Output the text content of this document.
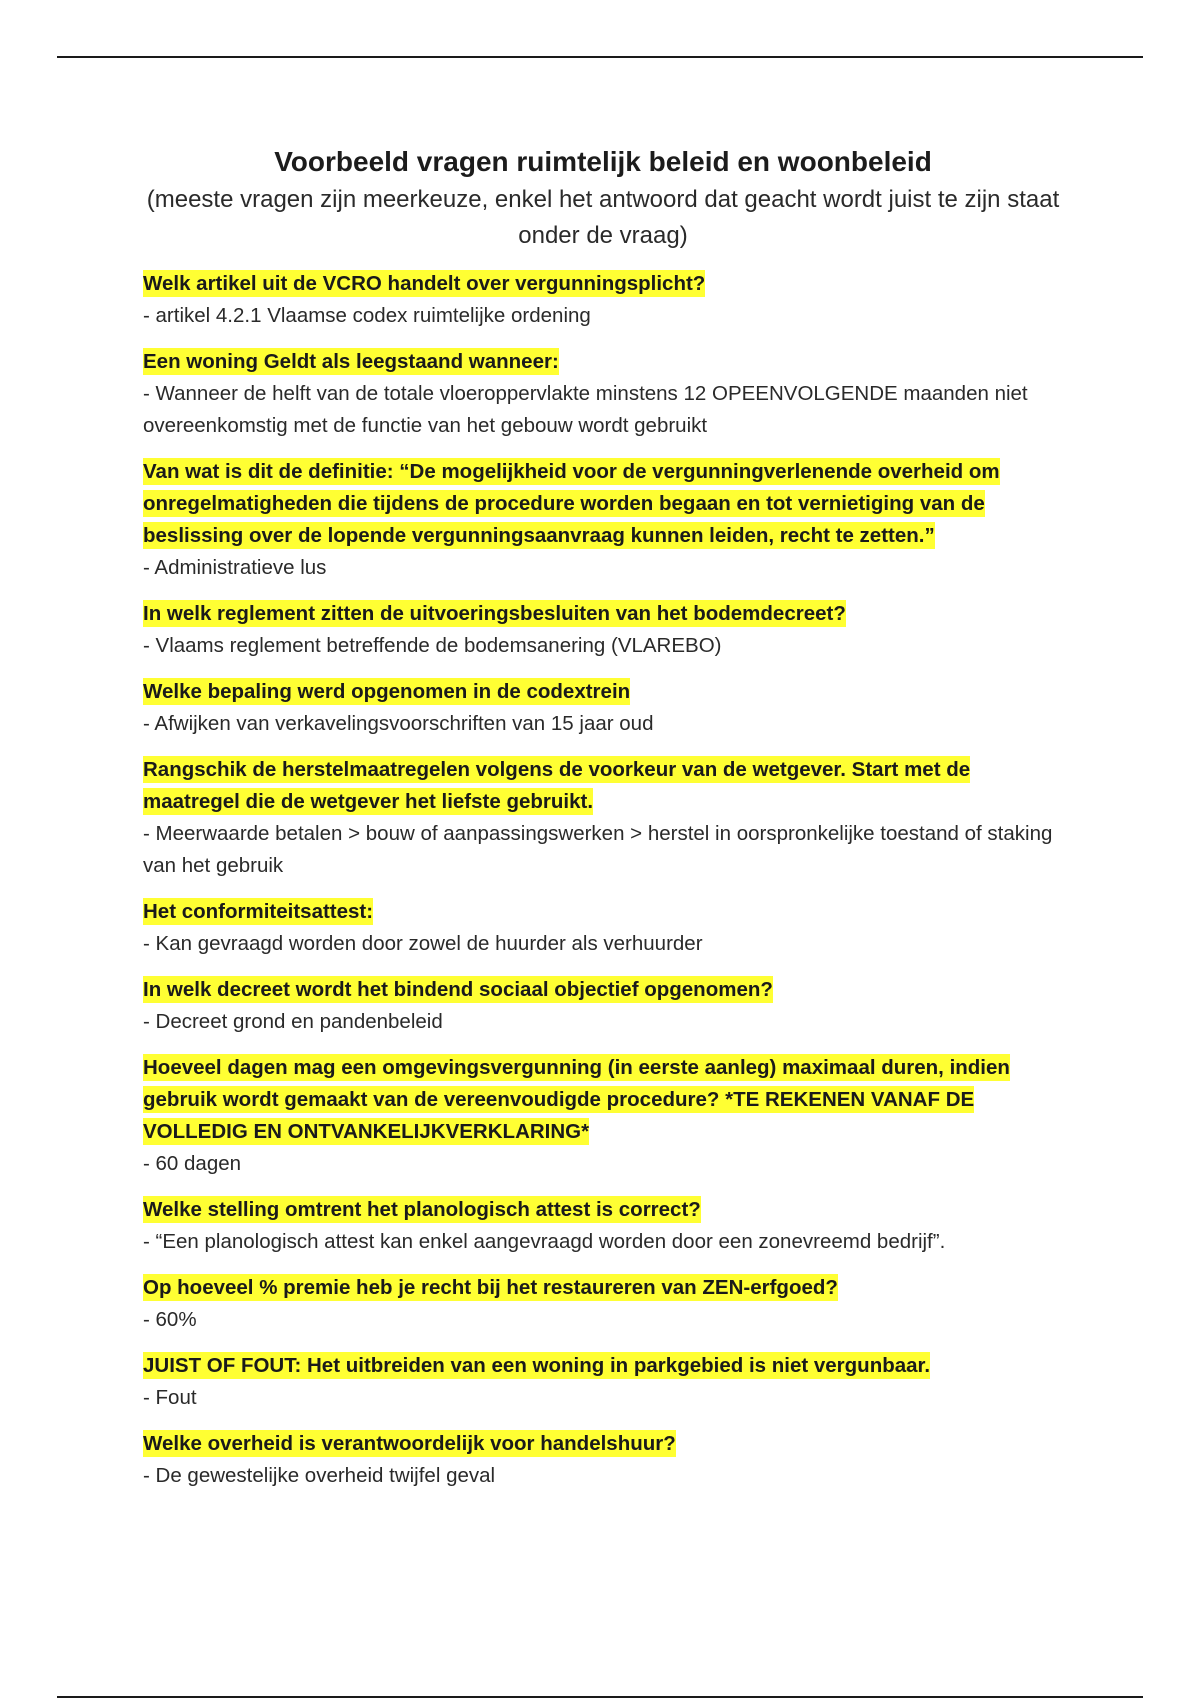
Voorbeeld vragen ruimtelijk beleid en woonbeleid

(meeste vragen zijn meerkeuze, enkel het antwoord dat geacht wordt juist te zijn staat onder de vraag)

Welk artikel uit de VCRO handelt over vergunningsplicht?

- artikel 4.2.1 Vlaamse codex ruimtelijke ordening

Een woning Geldt als leegstaand wanneer:

- Wanneer de helft van de totale vloeroppervlakte minstens 12 OPEENVOLGENDE maanden niet overeenkomstig met de functie van het gebouw wordt gebruikt

Van wat is dit de definitie: “De mogelijkheid voor de vergunningverlenende overheid om onregelmatigheden die tijdens de procedure worden begaan en tot vernietiging van de beslissing over de lopende vergunningsaanvraag kunnen leiden, recht te zetten.”

- Administratieve lus

In welk reglement zitten de uitvoeringsbesluiten van het bodemdecreet?

- Vlaams reglement betreffende de bodemsanering (VLAREBO)

Welke bepaling werd opgenomen in de codextrein

- Afwijken van verkavelingsvoorschriften van 15 jaar oud

Rangschik de herstelmaatregelen volgens de voorkeur van de wetgever. Start met de maatregel die de wetgever het liefste gebruikt.

- Meerwaarde betalen > bouw of aanpassingswerken > herstel in oorspronkelijke toestand of staking van het gebruik

Het conformiteitsattest:

- Kan gevraagd worden door zowel de huurder als verhuurder

In welk decreet wordt het bindend sociaal objectief opgenomen?

- Decreet grond en pandenbeleid

Hoeveel dagen mag een omgevingsvergunning (in eerste aanleg) maximaal duren, indien gebruik wordt gemaakt van de vereenvoudigde procedure? *TE REKENEN VANAF DE VOLLEDIG EN ONTVANKELIJKVERKLARING*

- 60 dagen

Welke stelling omtrent het planologisch attest is correct?

- “Een planologisch attest kan enkel aangevraagd worden door een zonevreemd bedrijf”.

Op hoeveel % premie heb je recht bij het restaureren van ZEN-erfgoed?

- 60%

JUIST OF FOUT: Het uitbreiden van een woning in parkgebied is niet vergunbaar.

- Fout

Welke overheid is verantwoordelijk voor handelshuur?

- De gewestelijke overheid twijfel geval
